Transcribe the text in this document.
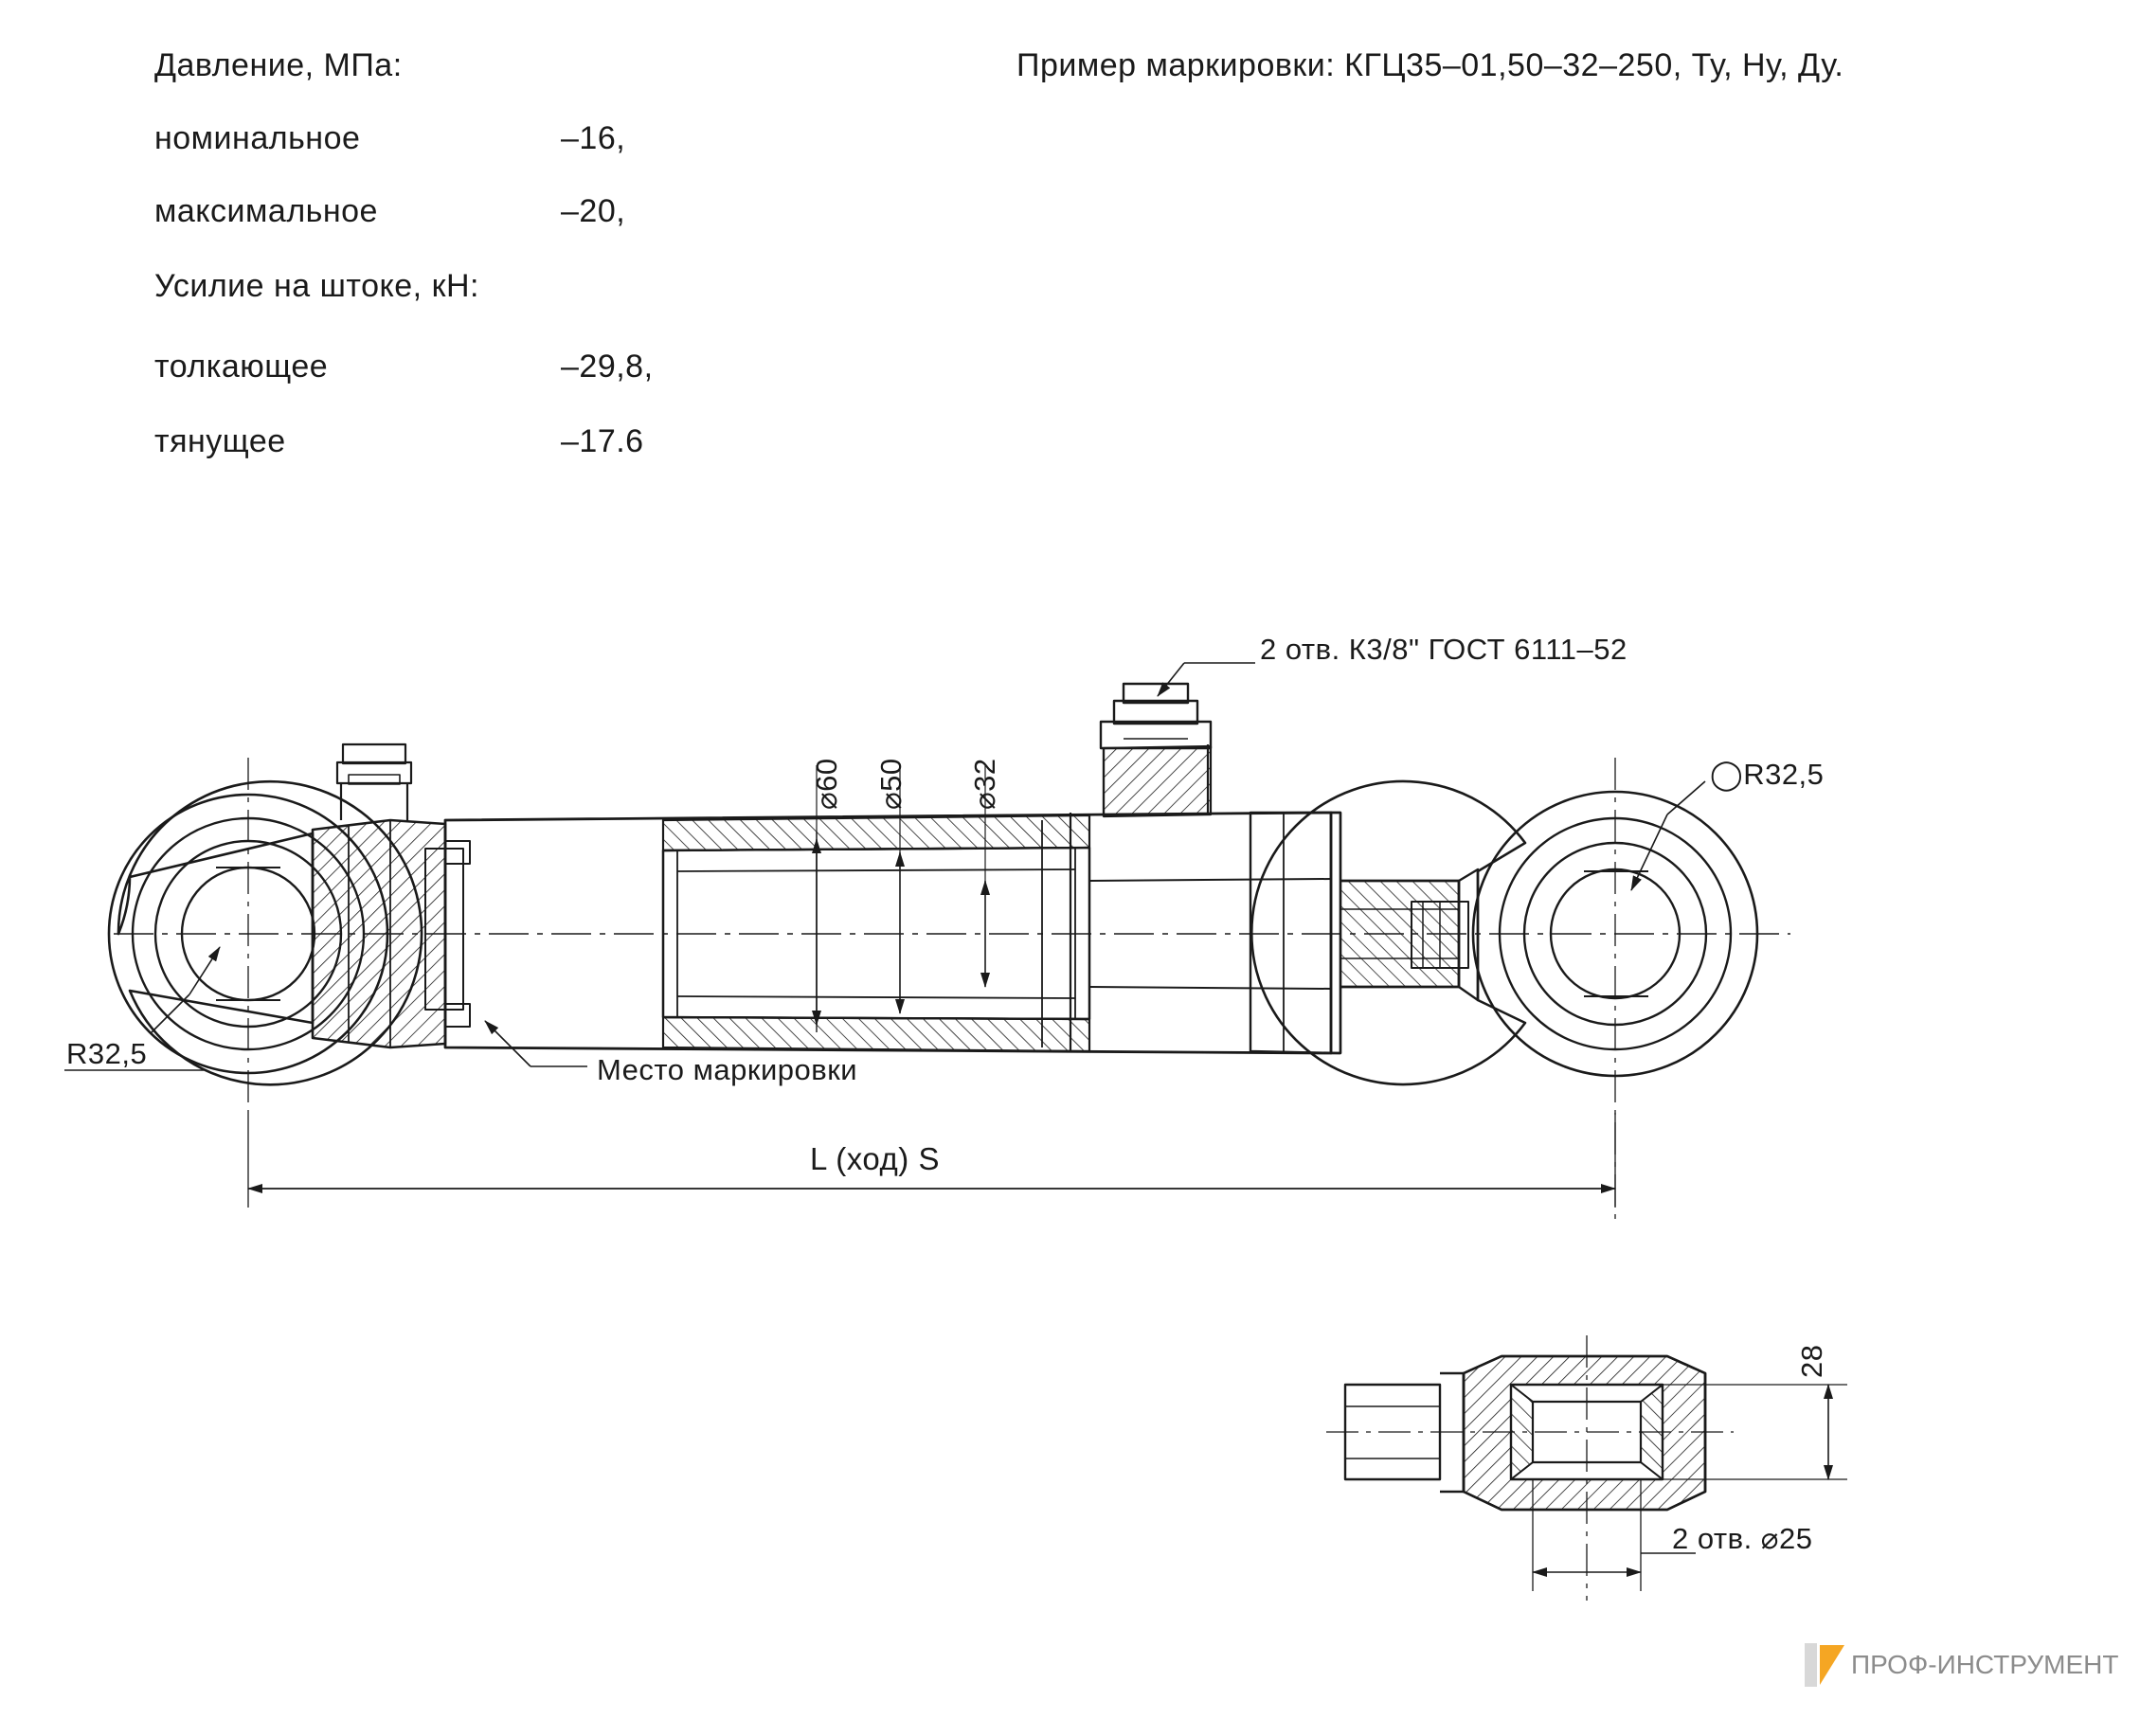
Давление, МПа:
номинальное	–16,
максимальное	–20,
Усилие на штоке, кН:
толкающее	–29,8,
тянущее	–17.6
Пример маркировки: КГЦ35–01,50–32–250, Ту, Ну, Ду.
2 отв. К3/8" ГОСТ 6111–52
◯R32,5
R32,5	Место маркировки
L (ход) S
⌀60 ⌀50 ⌀32
28
2 отв. ⌀25
ПРОФ-ИНСТРУМЕНТ
